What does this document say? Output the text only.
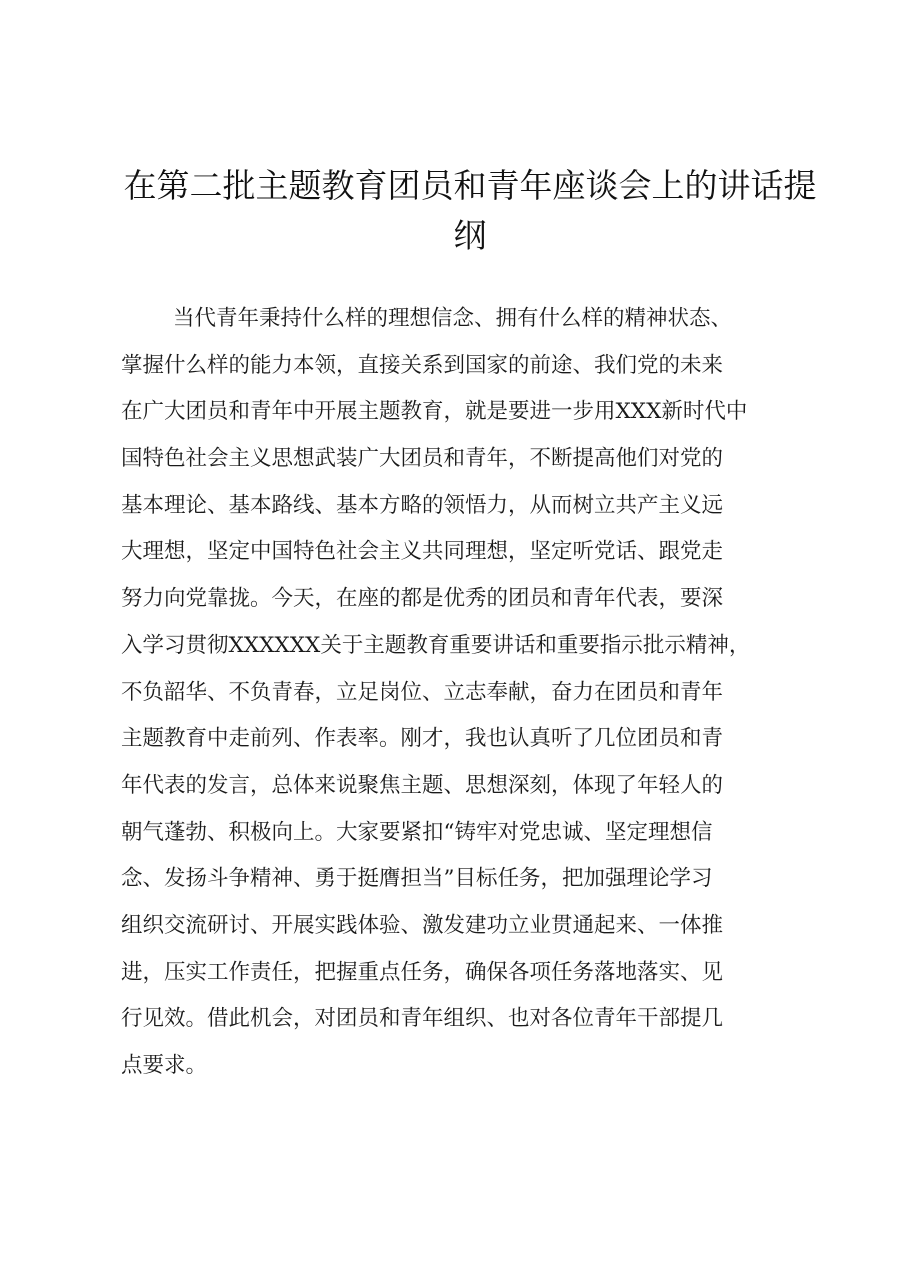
在第二批主题教育团员和青年座谈会上的讲话提
纲
当代青年秉持什么样的理想信念、拥有什么样的精神状态、
掌握什么样的能力本领，直接关系到国家的前途、我们党的未来
在广大团员和青年中开展主题教育，就是要进一步用XXX新时代中
国特色社会主义思想武装广大团员和青年，不断提高他们对党的
基本理论、基本路线、基本方略的领悟力，从而树立共产主义远
大理想，坚定中国特色社会主义共同理想，坚定听党话、跟党走
努力向党靠拢。今天，在座的都是优秀的团员和青年代表，要深
入学习贯彻XXXXXX关于主题教育重要讲话和重要指示批示精神，
不负韶华、不负青春，立足岗位、立志奉献，奋力在团员和青年
主题教育中走前列、作表率。刚才，我也认真听了几位团员和青
年代表的发言，总体来说聚焦主题、思想深刻，体现了年轻人的
朝气蓬勃、积极向上。大家要紧扣“铸牢对党忠诚、坚定理想信
念、发扬斗争精神、勇于挺膺担当”目标任务，把加强理论学习
组织交流研讨、开展实践体验、激发建功立业贯通起来、一体推
进，压实工作责任，把握重点任务，确保各项任务落地落实、见
行见效。借此机会，对团员和青年组织、也对各位青年干部提几
点要求。
